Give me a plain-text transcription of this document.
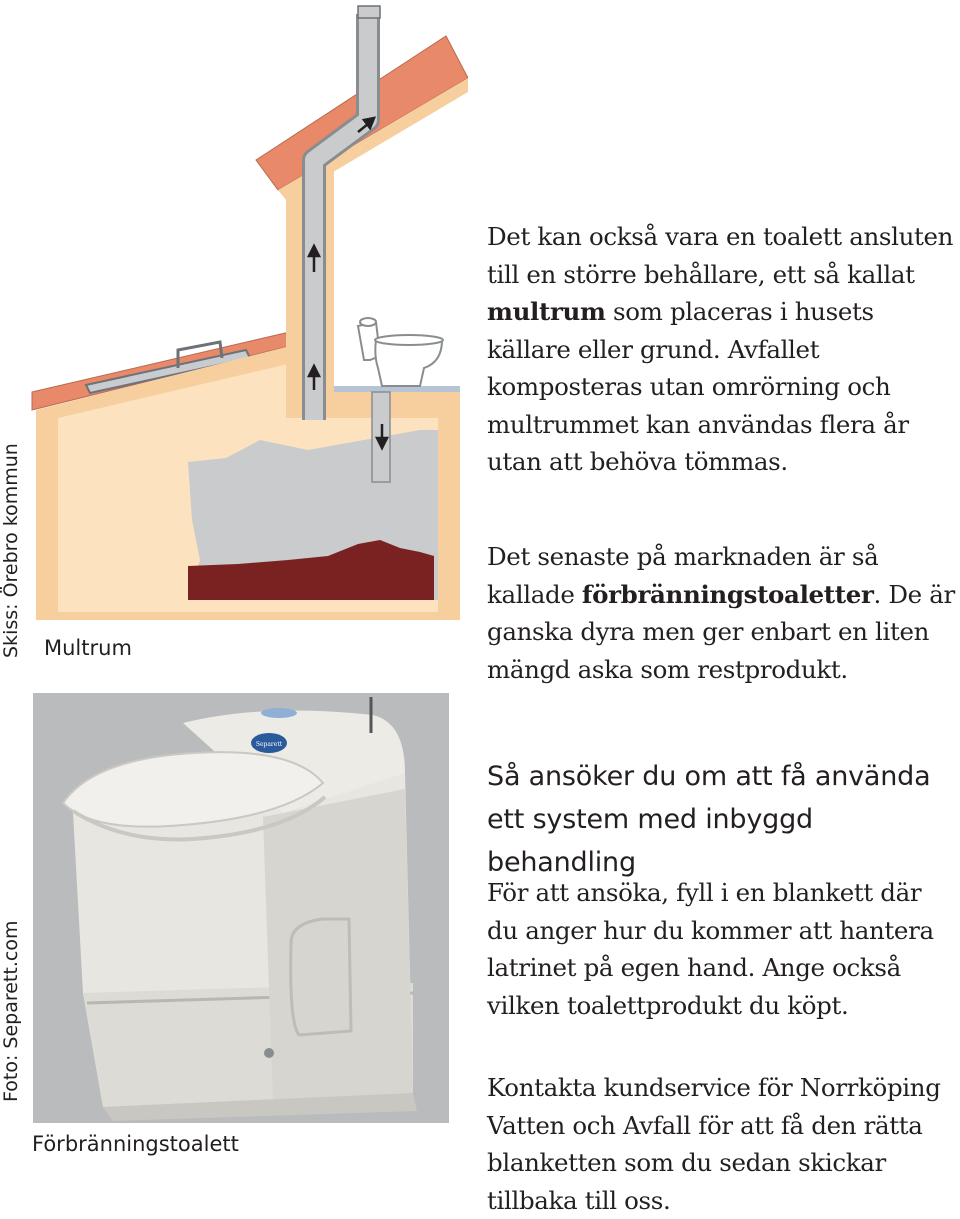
Skiss: Örebro kommun
Foto: Separett.com
Multrum
Separett
Förbränningstoalett

Det kan också vara en toalett ansluten till en större behållare, ett så kallat multrum som placeras i husets källare eller grund. Avfallet komposteras utan omrörning och multrummet kan användas flera år utan att behöva tömmas.

Det senaste på marknaden är så kallade förbränningstoaletter. De är ganska dyra men ger enbart en liten mängd aska som restprodukt.

Så ansöker du om att få använda ett system med inbyggd behandling

För att ansöka, fyll i en blankett där du anger hur du kommer att hantera latrinet på egen hand. Ange också vilken toalettprodukt du köpt.

Kontakta kundservice för Norrköping Vatten och Avfall för att få den rätta blanketten som du sedan skickar tillbaka till oss.
